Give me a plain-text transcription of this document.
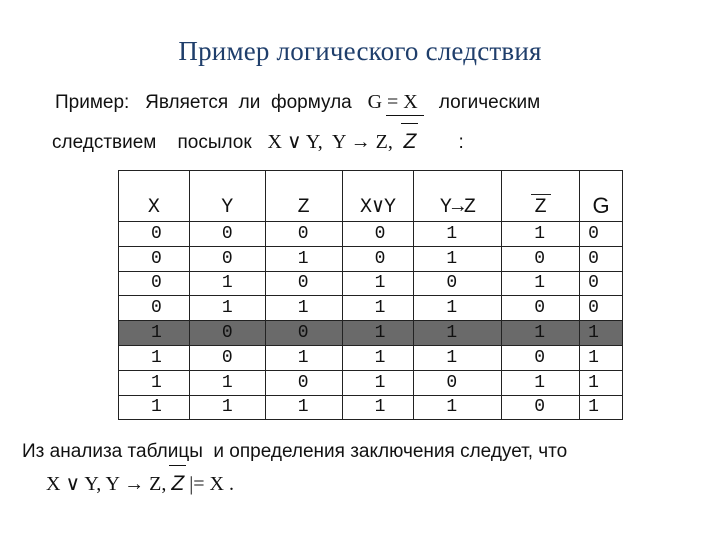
Пример логического следствия
Пример: Является  ли  формула G = X логическим
следствием    посылок X ∨ Y,  Y → Z, Z :
X	Y	Z	X∨Y	Y→Z	Z	G
0	0	0	0	1	1	0
0	0	1	0	1	0	0
0	1	0	1	0	1	0
0	1	1	1	1	0	0
1	0	0	1	1	1	1
1	0	1	1	1	0	1
1	1	0	1	0	1	1
1	1	1	1	1	0	1
Из анализа таблицы  и определения заключения следует, что
X ∨ Y, Y → Z, Z |= X .
